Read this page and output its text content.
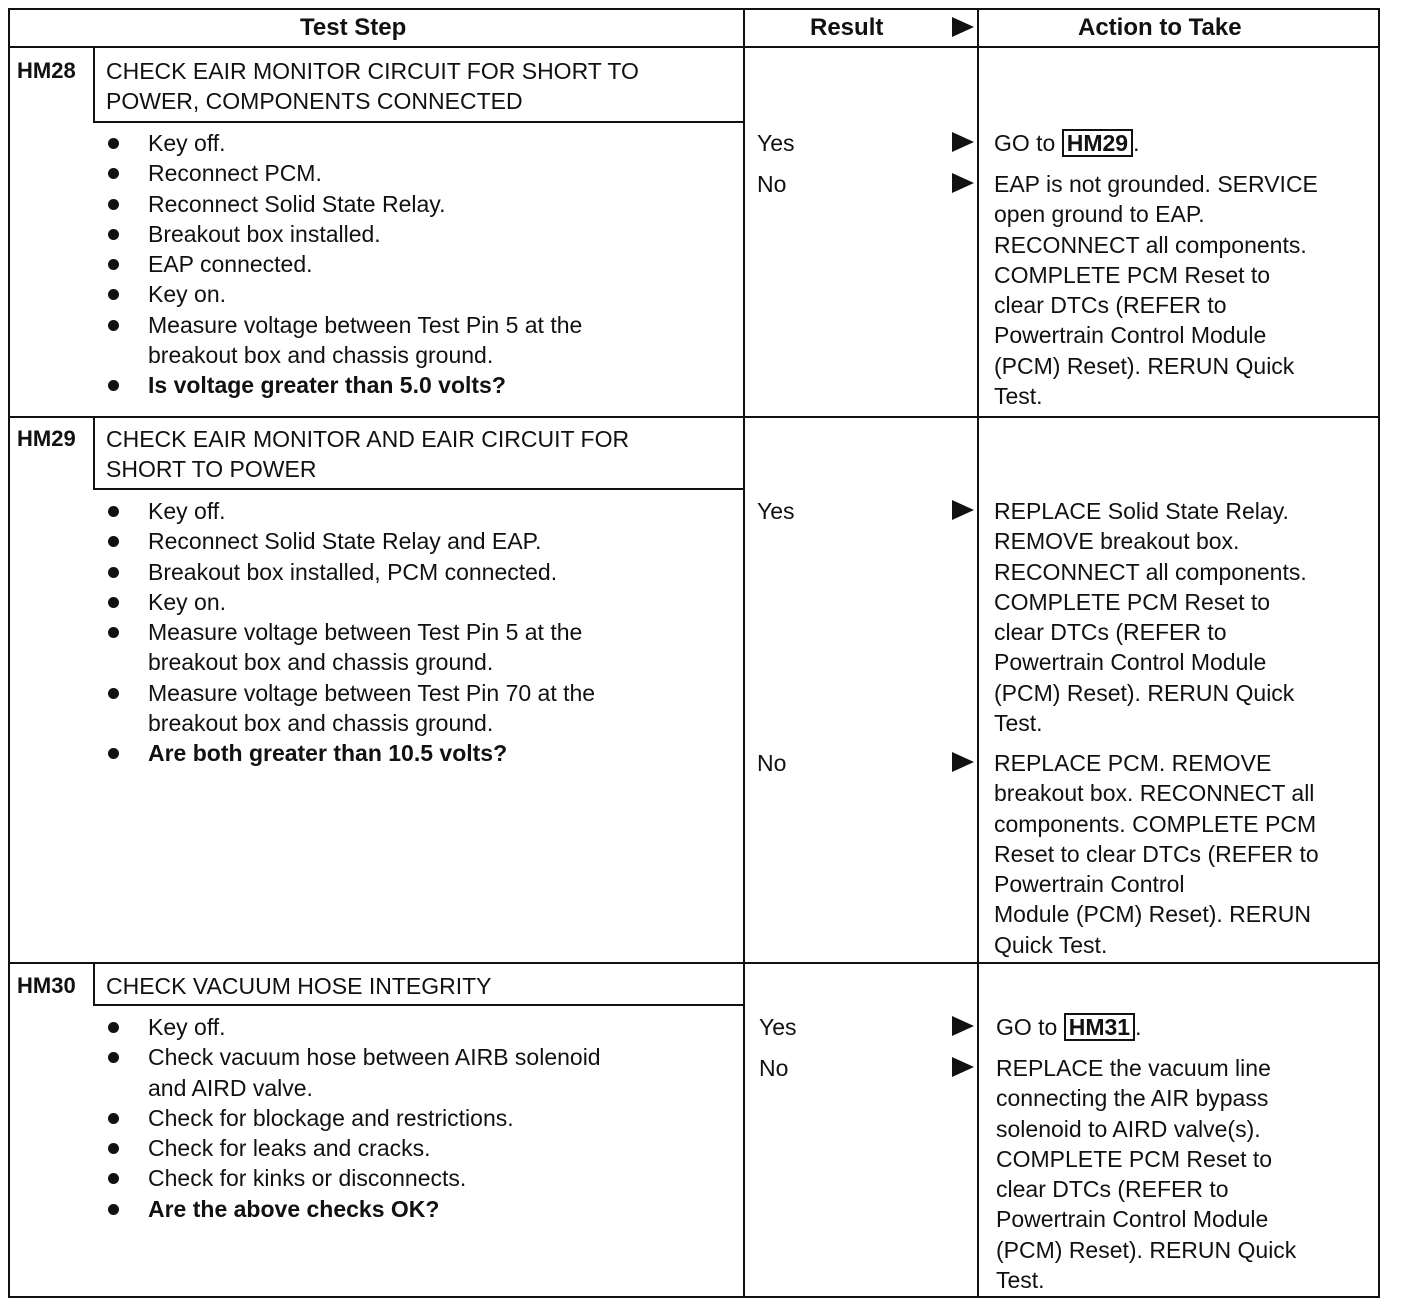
Test Step	Result	Action to Take
HM28 CHECK EAIR MONITOR CIRCUIT FOR SHORT TO
POWER, COMPONENTS CONNECTED
Key off.
Reconnect PCM.
Reconnect Solid State Relay.
Breakout box installed.
EAP connected.
Key on.
Measure voltage between Test Pin 5 at the
breakout box and chassis ground.
Is voltage greater than 5.0 volts?
Yes	GO to HM29 .
No	EAP is not grounded. SERVICE
open ground to EAP.
RECONNECT all components.
COMPLETE PCM Reset to
clear DTCs (REFER to
Powertrain Control Module
(PCM) Reset). RERUN Quick
Test.
HM29 CHECK EAIR MONITOR AND EAIR CIRCUIT FOR
SHORT TO POWER
Key off.
Reconnect Solid State Relay and EAP.
Breakout box installed, PCM connected.
Key on.
Measure voltage between Test Pin 5 at the
breakout box and chassis ground.
Measure voltage between Test Pin 70 at the
breakout box and chassis ground.
Are both greater than 10.5 volts?
Yes	REPLACE Solid State Relay.
REMOVE breakout box.
RECONNECT all components.
COMPLETE PCM Reset to
clear DTCs (REFER to
Powertrain Control Module
(PCM) Reset). RERUN Quick
Test.
No	REPLACE PCM. REMOVE
breakout box. RECONNECT all
components. COMPLETE PCM
Reset to clear DTCs (REFER to
Powertrain Control
Module (PCM) Reset). RERUN
Quick Test.
HM30 CHECK VACUUM HOSE INTEGRITY
Key off.
Check vacuum hose between AIRB solenoid
and AIRD valve.
Check for blockage and restrictions.
Check for leaks and cracks.
Check for kinks or disconnects.
Are the above checks OK?
Yes	GO to HM31 .
No	REPLACE the vacuum line
connecting the AIR bypass
solenoid to AIRD valve(s).
COMPLETE PCM Reset to
clear DTCs (REFER to
Powertrain Control Module
(PCM) Reset). RERUN Quick
Test.
